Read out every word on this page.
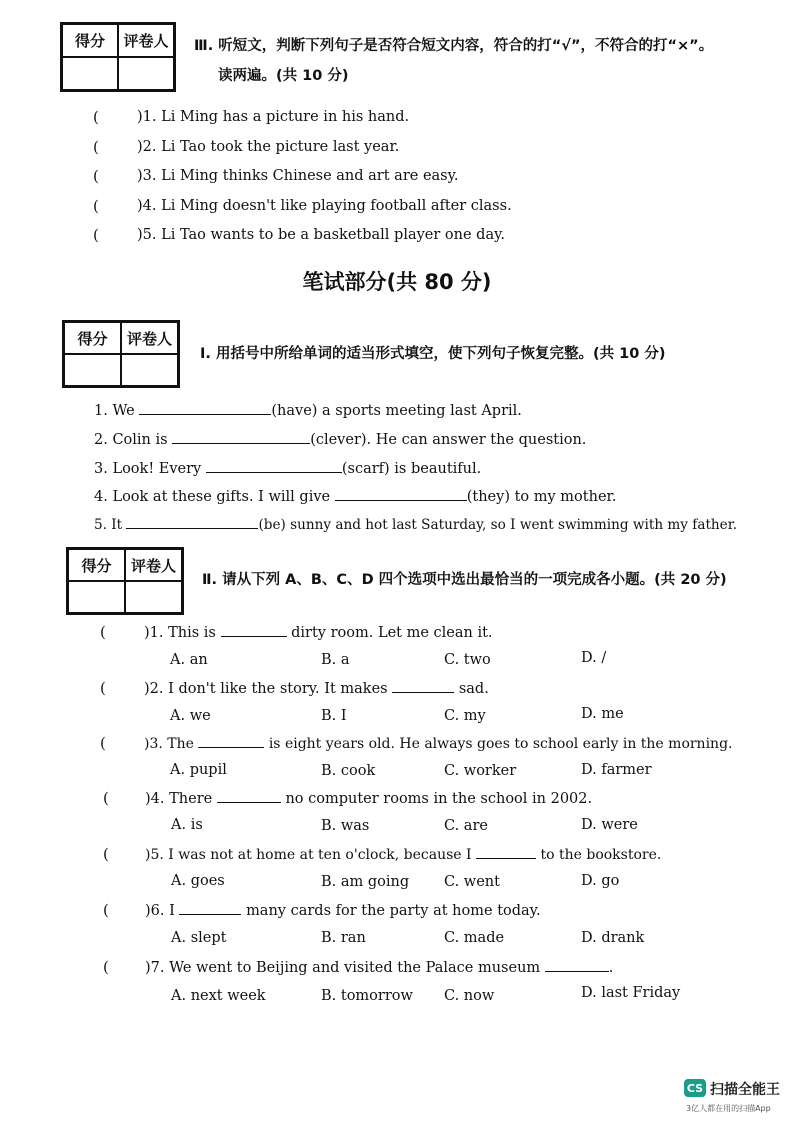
得分	评卷人	Ⅲ. 听短文，判断下列句子是否符合短文内容，符合的打“√”，不符合的打“×”。
读两遍。(共 10 分)
(	)1. Li Ming has a picture in his hand.
(	)2. Li Tao took the picture last year.
(	)3. Li Ming thinks Chinese and art are easy.
(	)4. Li Ming doesn't like playing football after class.
(	)5. Li Tao wants to be a basketball player one day.
笔试部分(共 80 分)
得分	评卷人
Ⅰ. 用括号中所给单词的适当形式填空，使下列句子恢复完整。(共 10 分)
1. We	(have) a sports meeting last April.
2. Colin is	(clever). He can answer the question.
3. Look! Every	(scarf) is beautiful.
4. Look at these gifts. I will give	(they) to my mother.
5. It	(be) sunny and hot last Saturday, so I went swimming with my father.
得分	评卷人
Ⅱ. 请从下列 A、B、C、D 四个选项中选出最恰当的一项完成各小题。(共 20 分)
(	)1. This is	dirty room. Let me clean it.
A. an	B. a	C. two	D. /
(	)2. I don't like the story. It makes	sad.
A. we	B. I	C. my	D. me
(	)3. The	is eight years old. He always goes to school early in the morning.
A. pupil	B. cook	C. worker	D. farmer
( )4. There	no computer rooms in the school in 2002.
A. is	B. was	C. are	D. were
(	)5. I was not at home at ten o'clock, because I	to the bookstore.
A. goes	B. am going C. went	D. go
( )6. I	many cards for the party at home today.
A. slept	B. ran	C. made	D. drank
( )7. We went to Beijing and visited the Palace museum	.
A. next week	B. tomorrow C. now	D. last Friday
CS 扫描全能王
3亿人都在用的扫描App
